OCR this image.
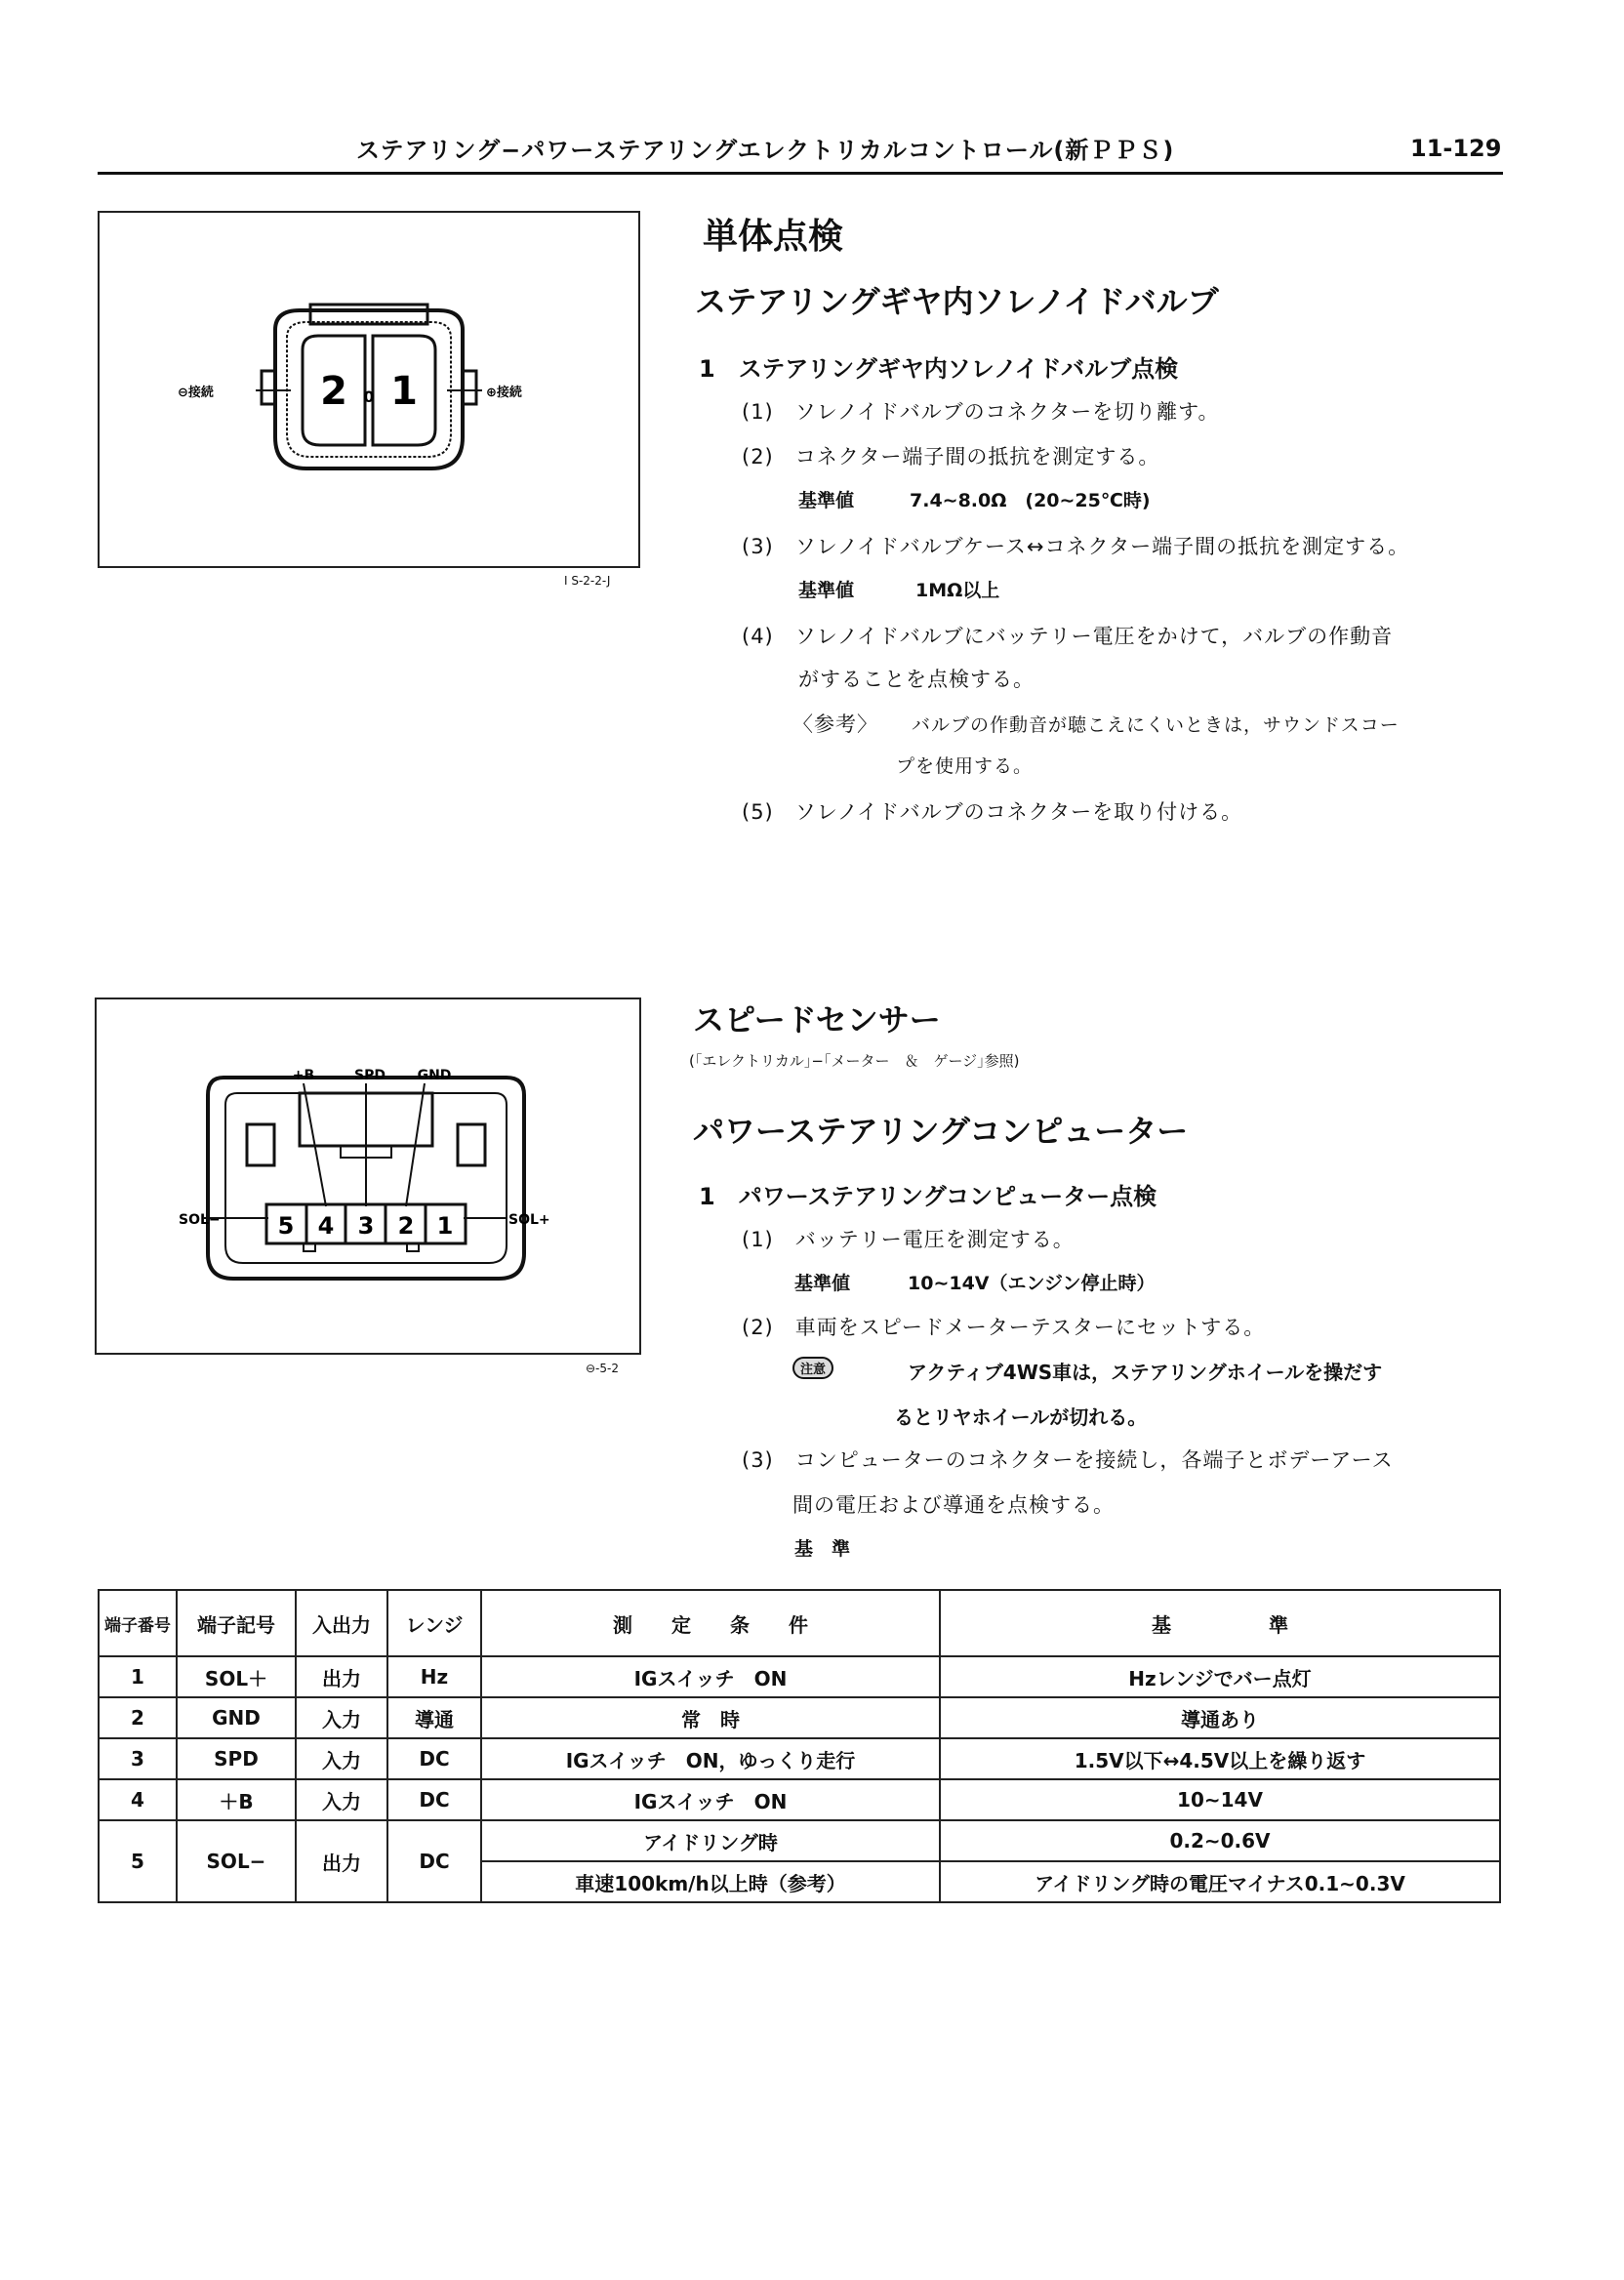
ステアリング−パワーステアリングエレクトリカルコントロール(新ＰＰＳ)	11-129
2 1
0
⊖接続	⊕接続
I S-2-2-J
5 4 3 2 1
+B	SPD GND
SOL−	SOL+
⊖-5-2
単体点検
ステアリングギヤ内ソレノイドバルブ
1　ステアリングギヤ内ソレノイドバルブ点検
(1)　ソレノイドバルブのコネクターを切り離す。
(2)　コネクター端子間の抵抗を測定する。
基準値	7.4∼8.0Ω　(20∼25℃時)
(3)　ソレノイドバルブケース↔コネクター端子間の抵抗を測定する。
基準値	1MΩ以上
(4)　ソレノイドバルブにバッテリー電圧をかけて，バルブの作動音
がすることを点検する。
〈参考〉 バルブの作動音が聴こえにくいときは，サウンドスコー
プを使用する。
(5)　ソレノイドバルブのコネクターを取り付ける。
スピードセンサー
(｢エレクトリカル｣−｢メーター　＆　ゲージ｣参照)
パワーステアリングコンピューター
1　パワーステアリングコンピューター点検
(1)　バッテリー電圧を測定する。
基準値	10∼14V（エンジン停止時）
(2)　車両をスピードメーターテスターにセットする。
注意	アクティブ4WS車は，ステアリングホイールを操だす
るとリヤホイールが切れる。
(3)　コンピューターのコネクターを接続し，各端子とボデーアース
間の電圧および導通を点検する。
基　準
端子番号	端子記号	入出力	レンジ	測　　定　　条　　件	基　　　　　準
1	SOL＋	出力	Hz	IGスイッチ　ON	Hzレンジでバー点灯
2	GND	入力	導通	常　時	導通あり
3	SPD	入力	DC	IGスイッチ　ON，ゆっくり走行	1.5V以下↔4.5V以上を繰り返す
4	＋B	入力	DC	IGスイッチ　ON	10∼14V
5	SOL−	出力	DC	アイドリング時	0.2∼0.6V
				車速100km/h以上時（参考）	アイドリング時の電圧マイナス0.1∼0.3V
